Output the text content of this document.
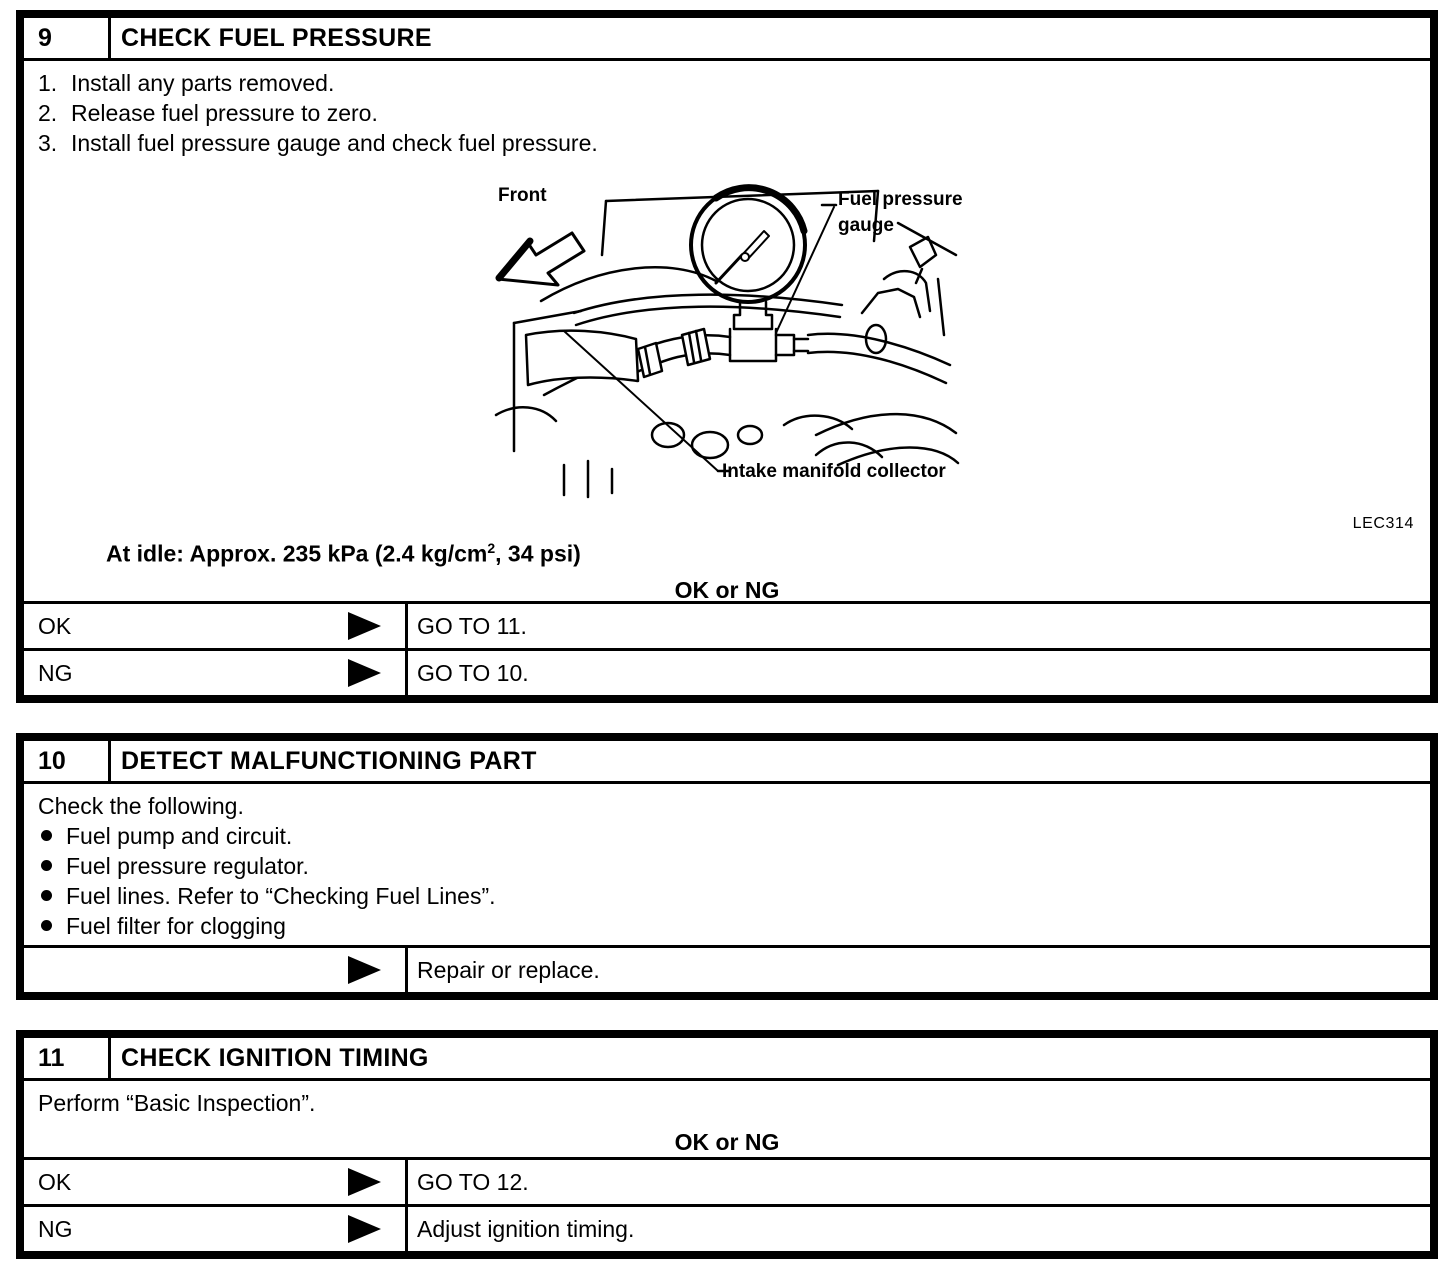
9	CHECK FUEL PRESSURE
1. Install any parts removed.
2. Release fuel pressure to zero.
3. Install fuel pressure gauge and check fuel pressure.
Front	Fuel pressure
gauge
Intake manifold collector
LEC314
At idle: Approx. 235 kPa (2.4 $kg/cm^2$, 34 psi)
OK or NG
OK	GO TO 11.
NG	GO TO 10.
10	DETECT MALFUNCTIONING PART
Check the following.
Fuel pump and circuit.
Fuel pressure regulator.
Fuel lines. Refer to “Checking Fuel Lines”.
Fuel filter for clogging
Repair or replace.
11	CHECK IGNITION TIMING
Perform “Basic Inspection”.
OK or NG
OK	GO TO 12.
NG	Adjust ignition timing.
